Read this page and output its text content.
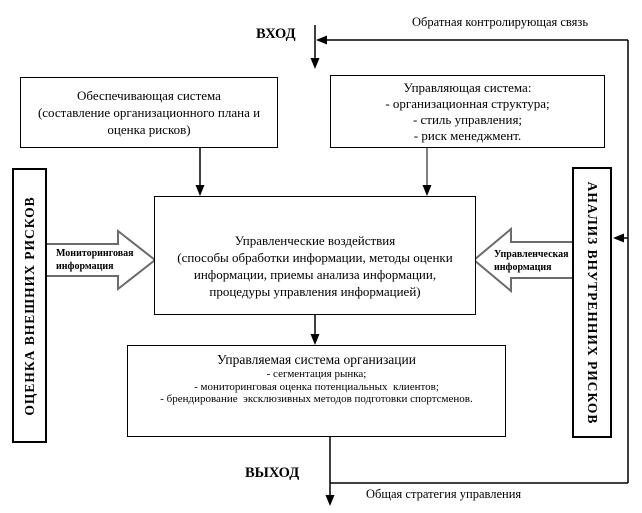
ВХОД
Обратная контролирующая связь
ВЫХОД
Общая стратегия управления
Обеспечивающая система
(составление организационного плана и
оценка рисков)
Управляющая система:
- организационная структура;
- стиль управления;
- риск менеджмент.
Управленческие воздействия
(способы обработки информации, методы оценки
информации, приемы анализа информации,
процедуры управления информацией)
Управляемая система организации
- сегментация рынка;
- мониторинговая оценка потенциальных  клиентов;
- брендирование  эксклюзивных методов подготовки спортсменов.
ОЦЕНКА ВНЕШНИХ РИСКОВ	АНАЛИЗ ВНУТРЕННИХ РИСКОВ
Мониторинговая
информация
Управленческая
информация
